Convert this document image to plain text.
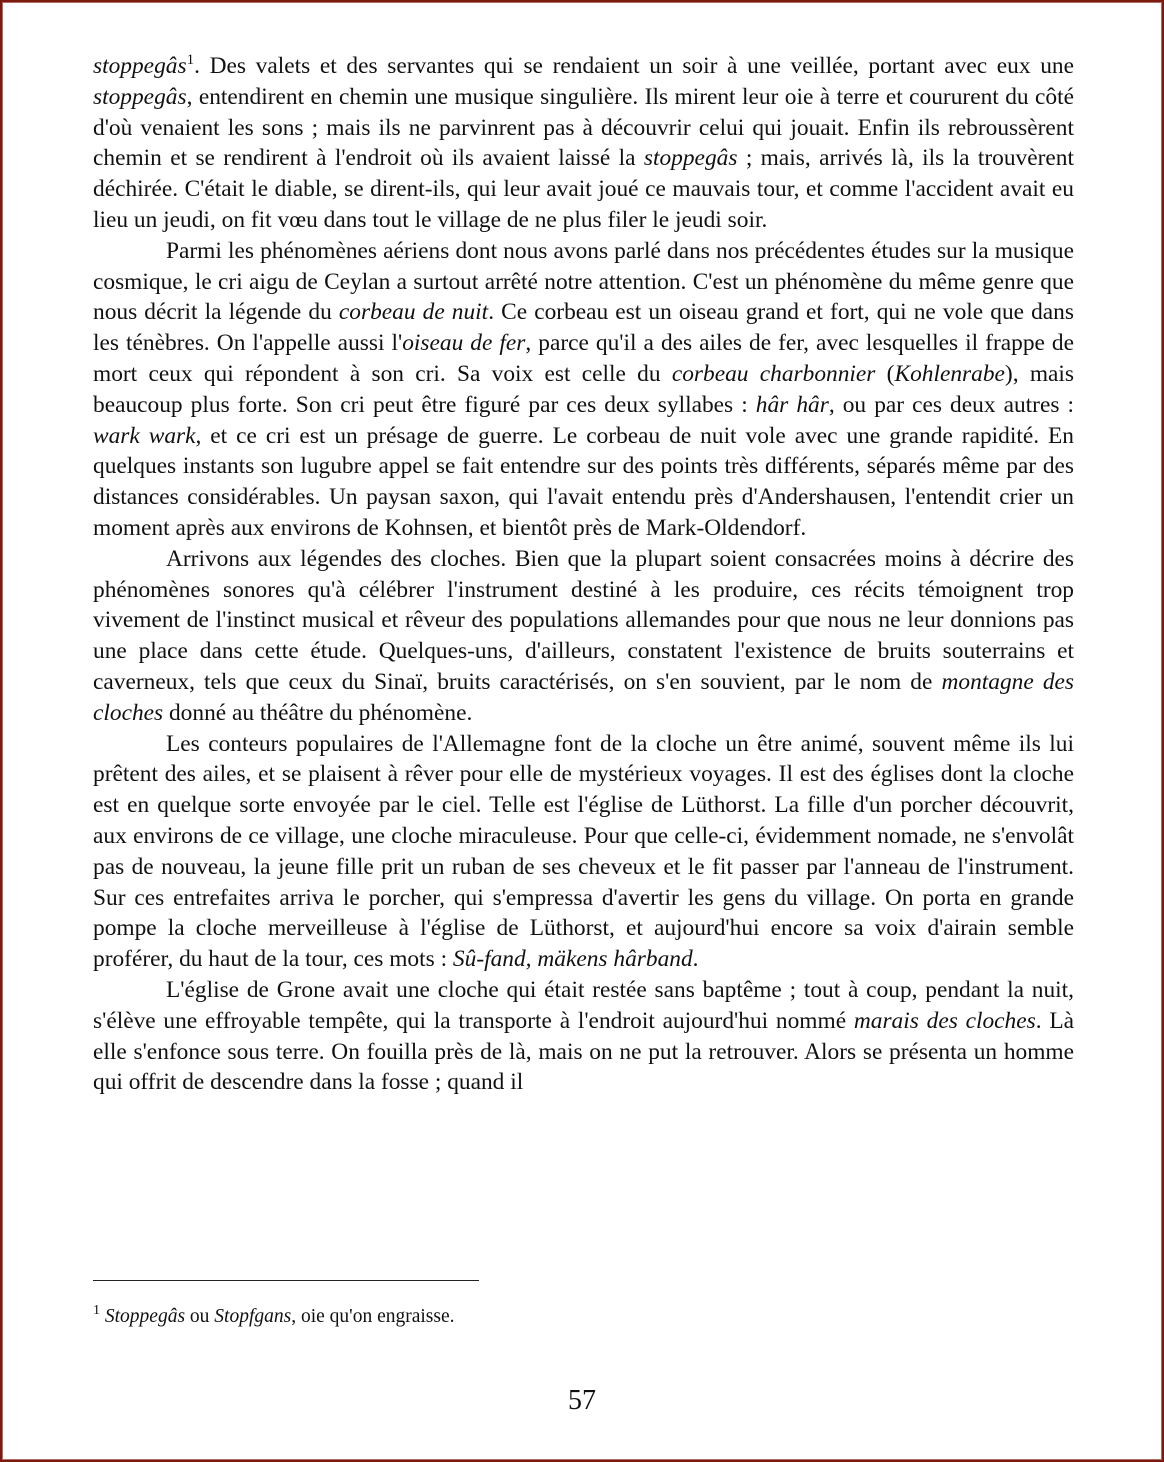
stoppegâs$^1$. Des valets et des servantes qui se rendaient un soir à une veillée, portant avec eux une stoppegâs, entendirent en chemin une musique singulière. Ils mirent leur oie à terre et coururent du côté d'où venaient les sons ; mais ils ne parvinrent pas à découvrir celui qui jouait. Enfin ils rebroussèrent chemin et se rendirent à l'endroit où ils avaient laissé la stoppegâs ; mais, arrivés là, ils la trouvèrent déchirée. C'était le diable, se dirent-ils, qui leur avait joué ce mauvais tour, et comme l'accident avait eu lieu un jeudi, on fit vœu dans tout le village de ne plus filer le jeudi soir.

Parmi les phénomènes aériens dont nous avons parlé dans nos précédentes études sur la musique cosmique, le cri aigu de Ceylan a surtout arrêté notre attention. C'est un phénomène du même genre que nous décrit la légende du corbeau de nuit. Ce corbeau est un oiseau grand et fort, qui ne vole que dans les ténèbres. On l'appelle aussi l'oiseau de fer, parce qu'il a des ailes de fer, avec lesquelles il frappe de mort ceux qui répondent à son cri. Sa voix est celle du corbeau charbonnier (Kohlenrabe), mais beaucoup plus forte. Son cri peut être figuré par ces deux syllabes : hâr hâr, ou par ces deux autres : wark wark, et ce cri est un présage de guerre. Le corbeau de nuit vole avec une grande rapidité. En quelques instants son lugubre appel se fait entendre sur des points très différents, séparés même par des distances considérables. Un paysan saxon, qui l'avait entendu près d'Andershausen, l'entendit crier un moment après aux environs de Kohnsen, et bientôt près de Mark-Oldendorf.

Arrivons aux légendes des cloches. Bien que la plupart soient consacrées moins à décrire des phénomènes sonores qu'à célébrer l'instrument destiné à les produire, ces récits témoignent trop vivement de l'instinct musical et rêveur des populations allemandes pour que nous ne leur donnions pas une place dans cette étude. Quelques-uns, d'ailleurs, constatent l'existence de bruits souterrains et caverneux, tels que ceux du Sinaï, bruits caractérisés, on s'en souvient, par le nom de montagne des cloches donné au théâtre du phénomène.

Les conteurs populaires de l'Allemagne font de la cloche un être animé, souvent même ils lui prêtent des ailes, et se plaisent à rêver pour elle de mystérieux voyages. Il est des églises dont la cloche est en quelque sorte envoyée par le ciel. Telle est l'église de Lüthorst. La fille d'un porcher découvrit, aux environs de ce village, une cloche miraculeuse. Pour que celle-ci, évidemment nomade, ne s'envolât pas de nouveau, la jeune fille prit un ruban de ses cheveux et le fit passer par l'anneau de l'instrument. Sur ces entrefaites arriva le porcher, qui s'empressa d'avertir les gens du village. On porta en grande pompe la cloche merveilleuse à l'église de Lüthorst, et aujourd'hui encore sa voix d'airain semble proférer, du haut de la tour, ces mots : Sû-fand, mäkens hârband.

L'église de Grone avait une cloche qui était restée sans baptême ; tout à coup, pendant la nuit, s'élève une effroyable tempête, qui la transporte à l'endroit aujourd'hui nommé marais des cloches. Là elle s'enfonce sous terre. On fouilla près de là, mais on ne put la retrouver. Alors se présenta un homme qui offrit de descendre dans la fosse ; quand il

$^1$ Stoppegâs ou Stopfgans, oie qu'on engraisse.
57
